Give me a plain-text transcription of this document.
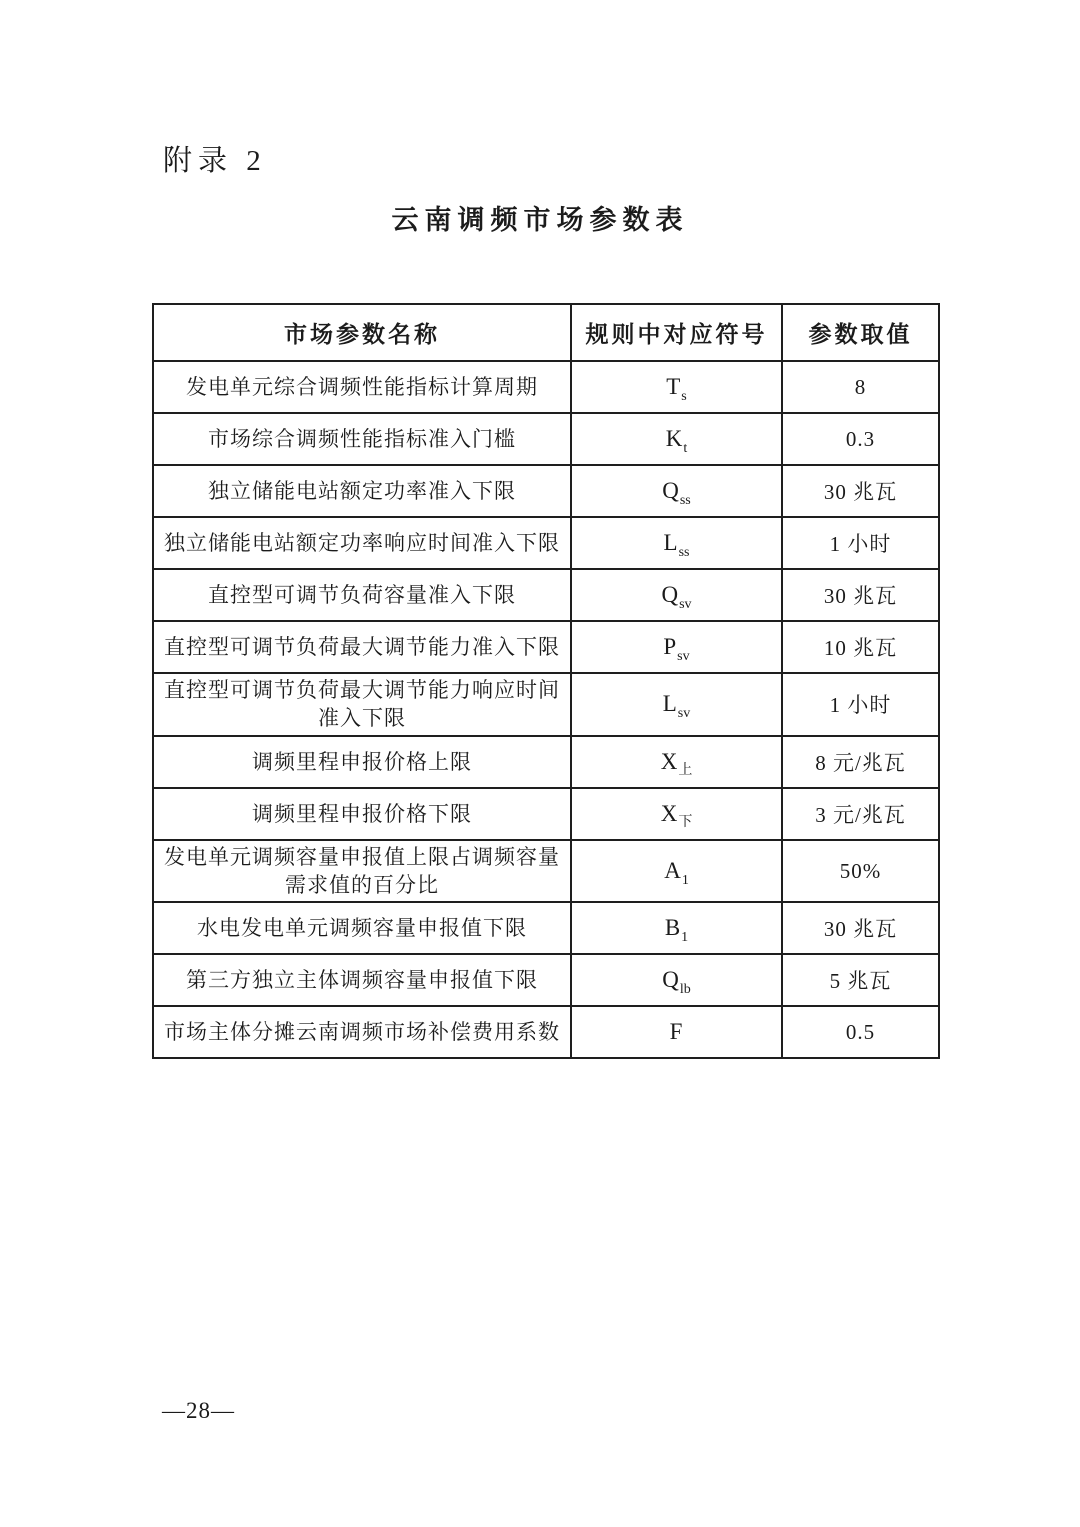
附录 2
云南调频市场参数表
市场参数名称	规则中对应符号	参数取值
发电单元综合调频性能指标计算周期	$T_s$	8
市场综合调频性能指标准入门槛	$K_t$	0.3
独立储能电站额定功率准入下限	$Q_{ss}$	30 兆瓦
独立储能电站额定功率响应时间准入下限	$L_{ss}$	1 小时
直控型可调节负荷容量准入下限	$Q_{sv}$	30 兆瓦
直控型可调节负荷最大调节能力准入下限	$P_{sv}$	10 兆瓦
直控型可调节负荷最大调节能力响应时间准入下限	$L_{sv}$	1 小时
调频里程申报价格上限	$X_上$	8 元/兆瓦
调频里程申报价格下限	$X_下$	3 元/兆瓦
发电单元调频容量申报值上限占调频容量需求值的百分比	$A_1$	50%
水电发电单元调频容量申报值下限	$B_1$	30 兆瓦
第三方独立主体调频容量申报值下限	$Q_{lb}$	5 兆瓦
市场主体分摊云南调频市场补偿费用系数	F	0.5
—28—
